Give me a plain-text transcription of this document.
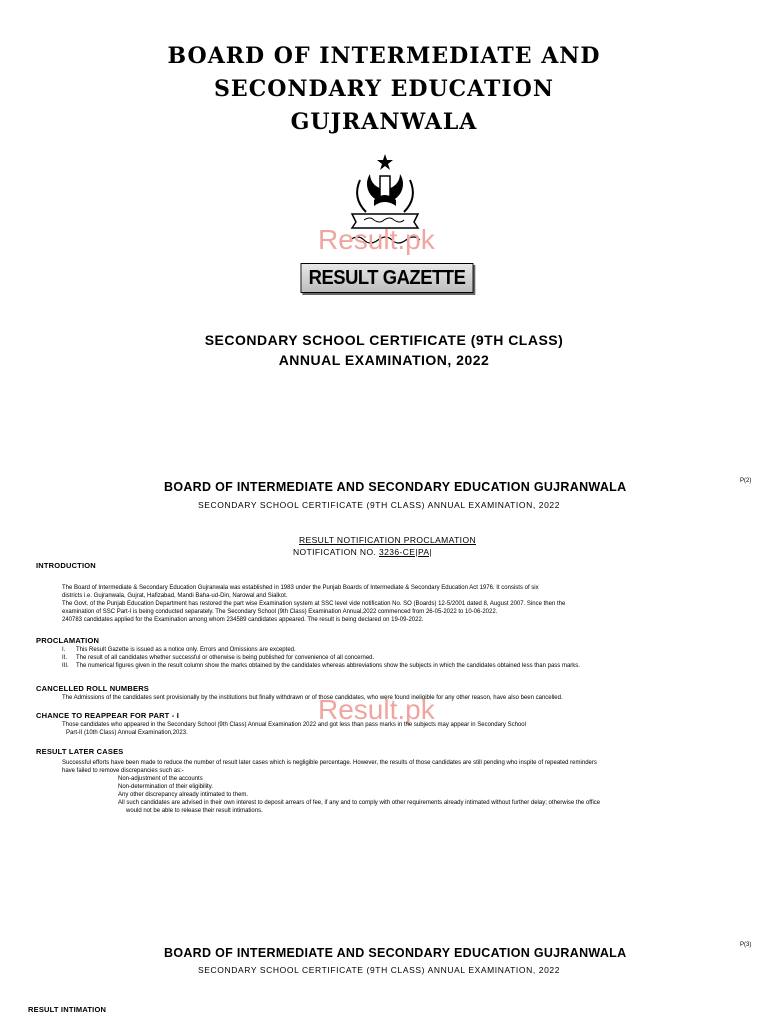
BOARD OF INTERMEDIATE AND
SECONDARY EDUCATION
GUJRANWALA
Result.pk
RESULT GAZETTE
SECONDARY SCHOOL CERTIFICATE (9TH CLASS)
ANNUAL EXAMINATION, 2022
BOARD OF INTERMEDIATE AND SECONDARY EDUCATION GUJRANWALA	P(2)
SECONDARY SCHOOL CERTIFICATE (9TH CLASS) ANNUAL EXAMINATION, 2022
RESULT NOTIFICATION PROCLAMATION
NOTIFICATION NO. 3236-CE|PA|
INTRODUCTION
The Board of Intermediate & Secondary Education Gujranwala was established in 1983 under the Punjab Boards of Intermediate & Secondary Education Act 1976. It consists of six
districts i.e. Gujranwala, Gujrat, Hafizabad, Mandi Baha-ud-Din, Narowal and Sialkot.
The Govt. of the Punjab Education Department has restored the part wise Examination system at SSC level vide notification No. SO (Boards) 12-5/2001 dated 8, August 2007. Since then the
examination of SSC Part-I is being conducted separately. The Secondary School (9th Class) Examination Annual,2022 commenced from 26-05-2022 to 10-06-2022.
240783 candidates applied for the Examination among whom 234589 candidates appeared. The result is being declared on 19-09-2022.
PROCLAMATION
I. This Result Gazette is issued as a notice only. Errors and Omissions are excepted.
II. The result of all candidates whether successful or otherwise is being published for convenience of all concerned.
III. The numerical figures given in the result column show the marks obtained by the candidates whereas abbreviations show the subjects in which the candidates obtained less than pass marks.
CANCELLED ROLL NUMBERS
The Admissions of the candidates sent provisionally by the institutions but finally withdrawn or of those candidates, who were found ineligible for any other reason, have also been cancelled.
Result.pk
CHANCE TO REAPPEAR FOR PART - I
Those candidates who appeared in the Secondary School (9th Class) Annual Examination 2022 and got less than pass marks in the subjects may appear in Secondary School
Part-II (10th Class) Annual Examination,2023.
RESULT LATER CASES
Successful efforts have been made to reduce the number of result later cases which is negligible percentage. However, the results of those candidates are still pending who inspite of repeated reminders
have failed to remove discrepancies such as:-
Non-adjustment of the accounts
Non-determination of their eligibility.
Any other discrepancy already intimated to them.
All such candidates are advised in their own interest to deposit arrears of fee, if any and to comply with other requirements already intimated without further delay; otherwise the office
would not be able to release their result intimations.
BOARD OF INTERMEDIATE AND SECONDARY EDUCATION GUJRANWALA
P(3)
SECONDARY SCHOOL CERTIFICATE (9TH CLASS) ANNUAL EXAMINATION, 2022
RESULT INTIMATION
